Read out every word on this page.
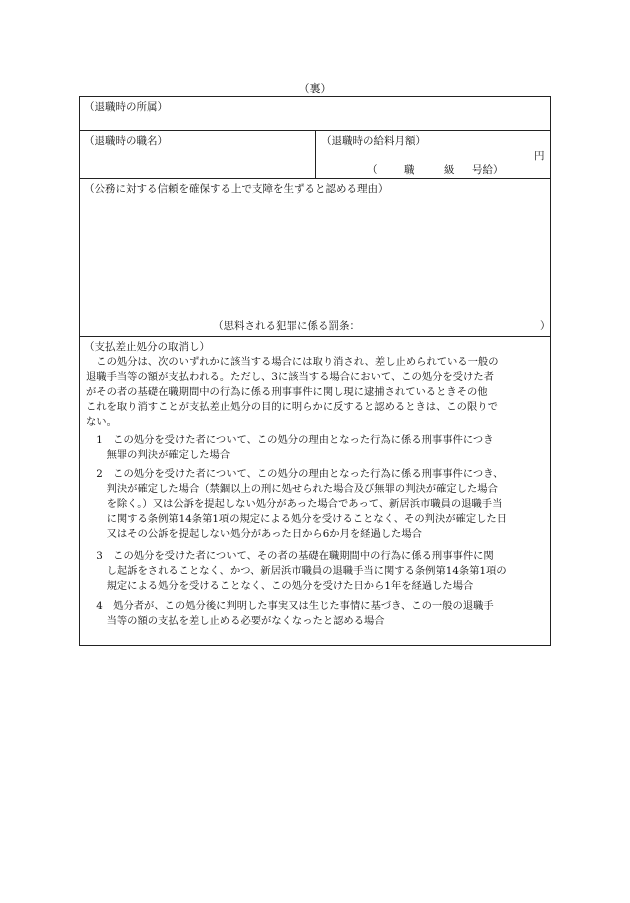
（裏）
（退職時の所属）
（退職時の職名）	（退職時の給料月額）
円
（	職	級 号給）
（公務に対する信頼を確保する上で支障を生ずると認める理由）
（思料される犯罪に係る罰条：	）
（支払差止処分の取消し）
　この処分は、次のいずれかに該当する場合には取り消され、差し止められている一般の
退職手当等の額が支払われる。ただし、3に該当する場合において、この処分を受けた者
がその者の基礎在職期間中の行為に係る刑事事件に関し現に逮捕されているときその他
これを取り消すことが支払差止処分の目的に明らかに反すると認めるときは、この限りで
ない。
　1　この処分を受けた者について、この処分の理由となった行為に係る刑事事件につき
　　無罪の判決が確定した場合
　2　この処分を受けた者について、この処分の理由となった行為に係る刑事事件につき、
　　判決が確定した場合（禁錮以上の刑に処せられた場合及び無罪の判決が確定した場合
　　を除く。）又は公訴を提起しない処分があった場合であって、新居浜市職員の退職手当
　　に関する条例第14条第1項の規定による処分を受けることなく、その判決が確定した日
　　又はその公訴を提起しない処分があった日から6か月を経過した場合
　3　この処分を受けた者について、その者の基礎在職期間中の行為に係る刑事事件に関
　　し起訴をされることなく、かつ、新居浜市職員の退職手当に関する条例第14条第1項の
　　規定による処分を受けることなく、この処分を受けた日から1年を経過した場合
　4　処分者が、この処分後に判明した事実又は生じた事情に基づき、この一般の退職手
　　当等の額の支払を差し止める必要がなくなったと認める場合
